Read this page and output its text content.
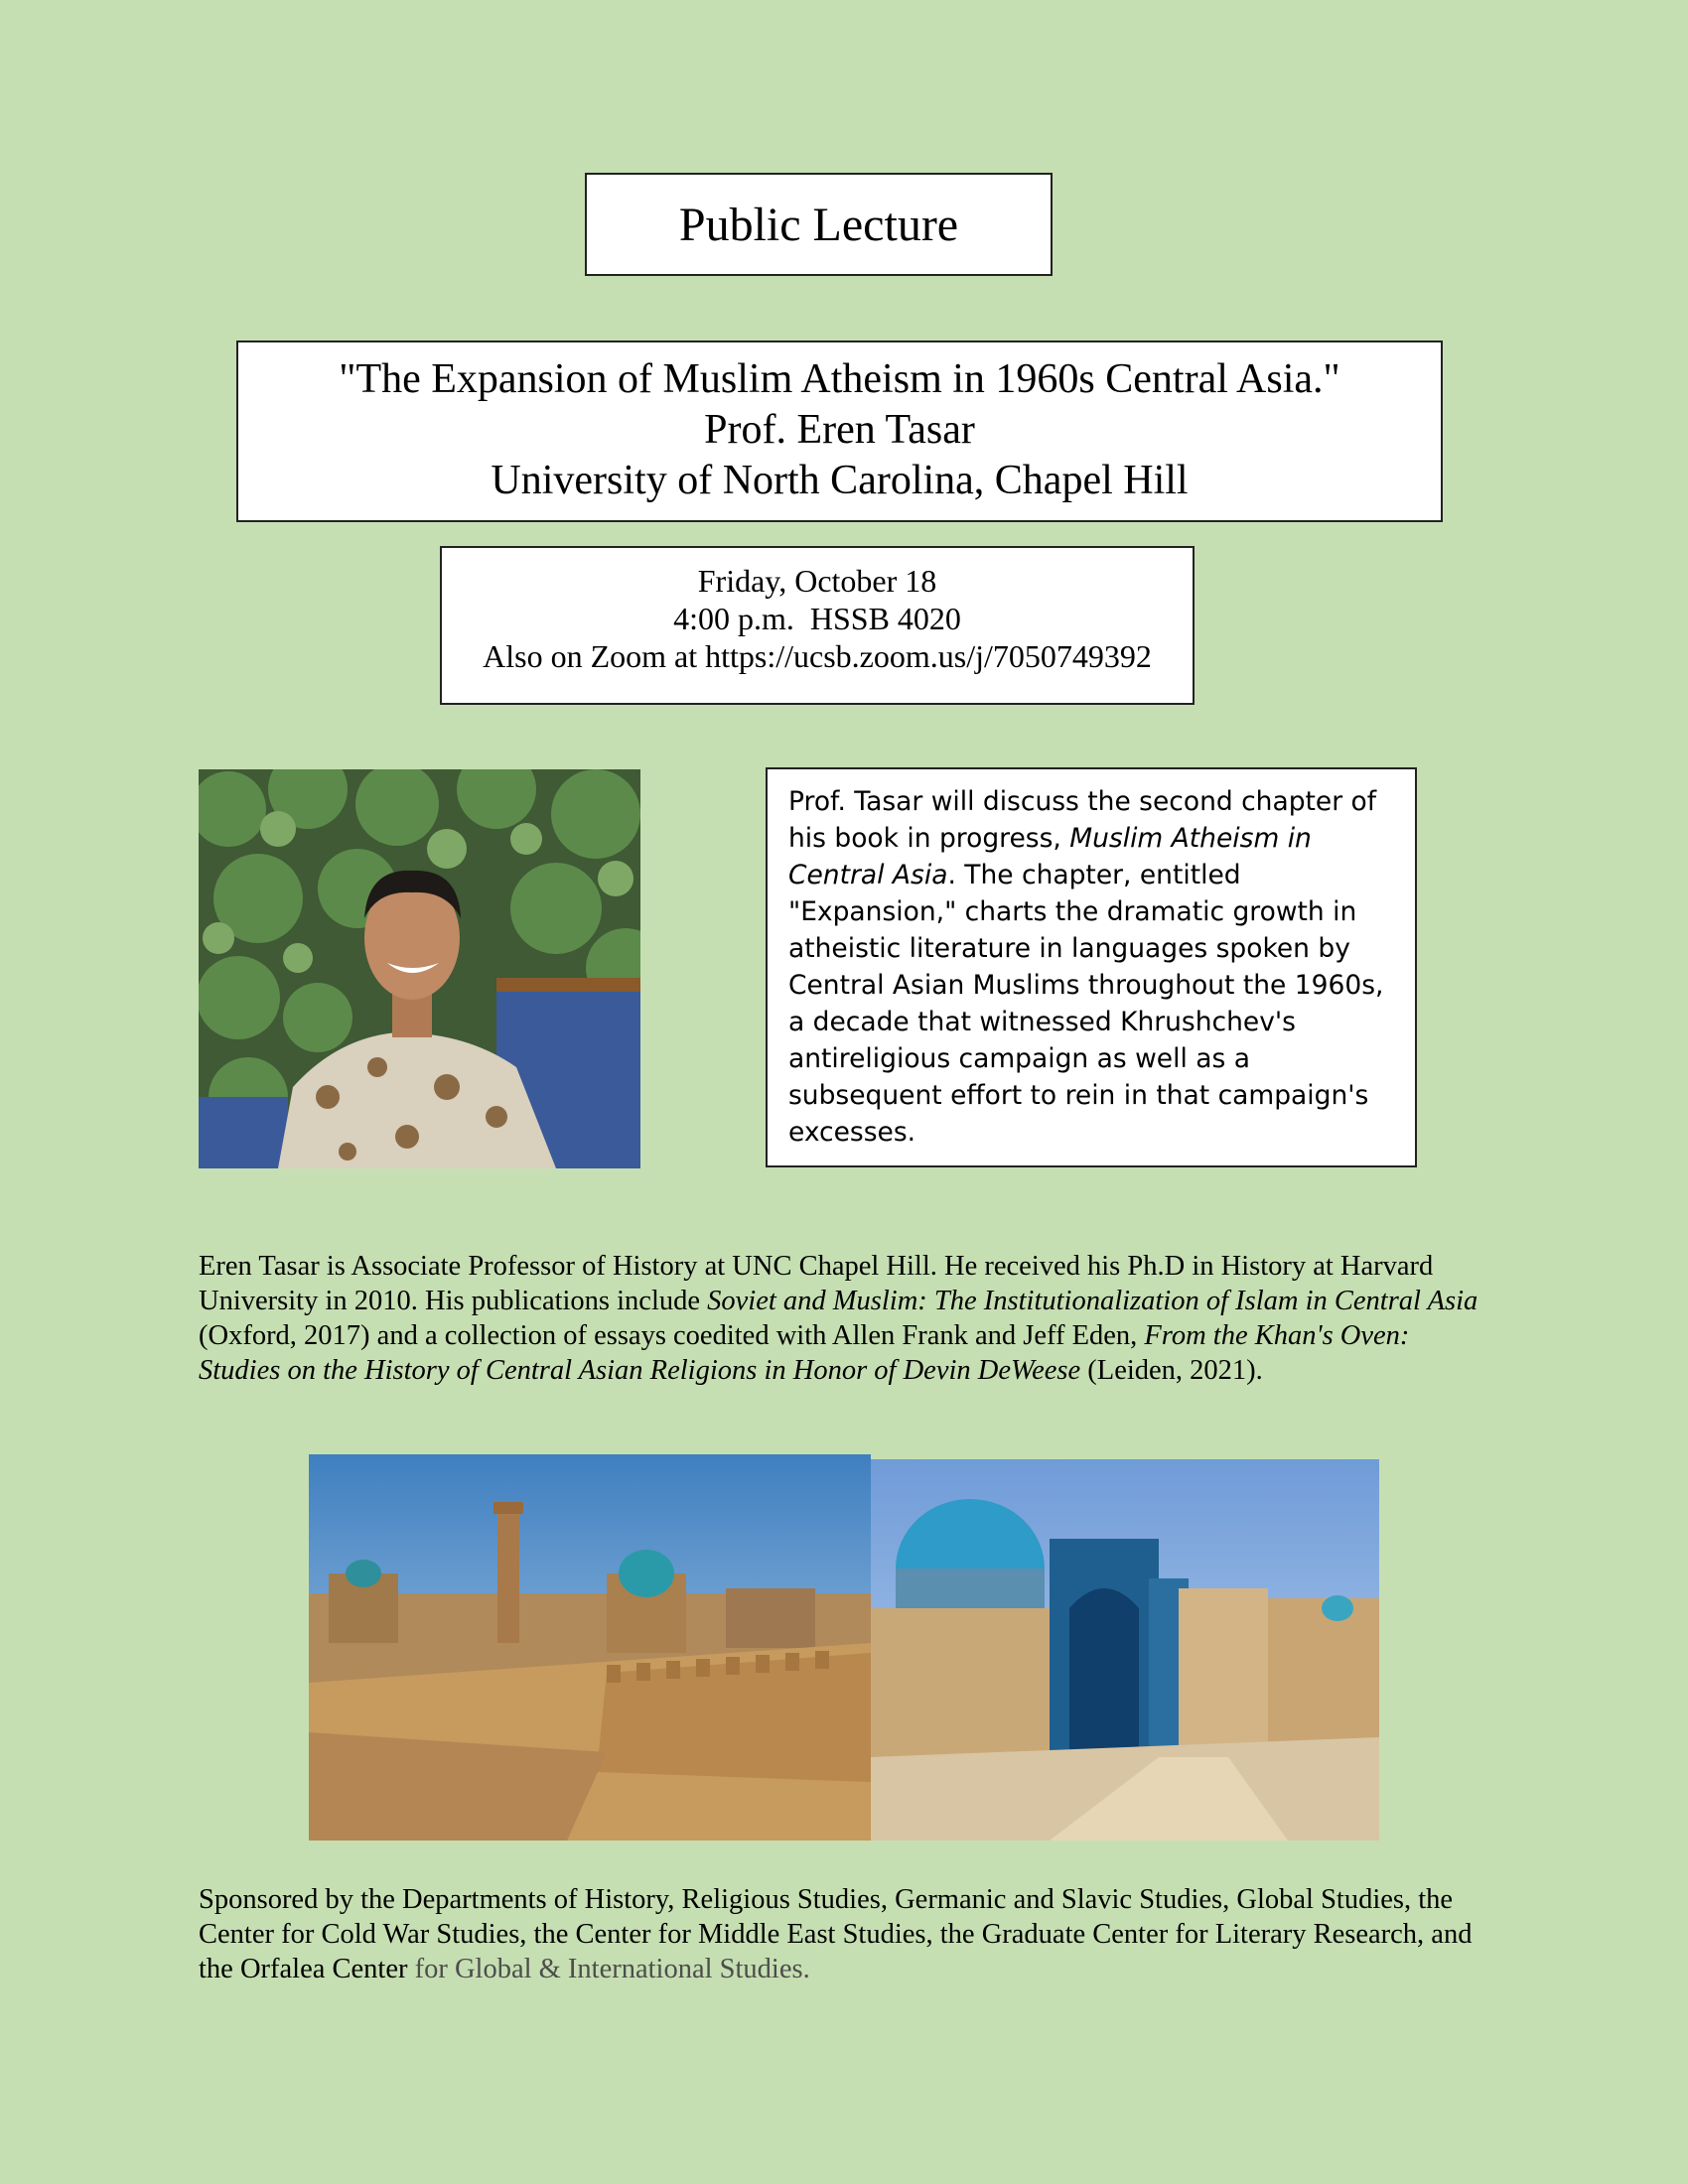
Public Lecture
"The Expansion of Muslim Atheism in 1960s Central Asia."
Prof. Eren Tasar
University of North Carolina, Chapel Hill
Friday, October 18
4:00 p.m.  HSSB 4020
Also on Zoom at https://ucsb.zoom.us/j/7050749392
Prof. Tasar will discuss the second chapter of his book in progress, Muslim Atheism in Central Asia. The chapter, entitled "Expansion," charts the dramatic growth in atheistic literature in languages spoken by Central Asian Muslims throughout the 1960s, a decade that witnessed Khrushchev's antireligious campaign as well as a subsequent effort to rein in that campaign's excesses.
Eren Tasar is Associate Professor of History at UNC Chapel Hill. He received his Ph.D in History at Harvard University in 2010. His publications include Soviet and Muslim: The Institutionalization of Islam in Central Asia (Oxford, 2017) and a collection of essays coedited with Allen Frank and Jeff Eden, From the Khan's Oven: Studies on the History of Central Asian Religions in Honor of Devin DeWeese (Leiden, 2021).
Sponsored by the Departments of History, Religious Studies, Germanic and Slavic Studies, Global Studies, the Center for Cold War Studies, the Center for Middle East Studies, the Graduate Center for Literary Research, and the Orfalea Center for Global & International Studies.
